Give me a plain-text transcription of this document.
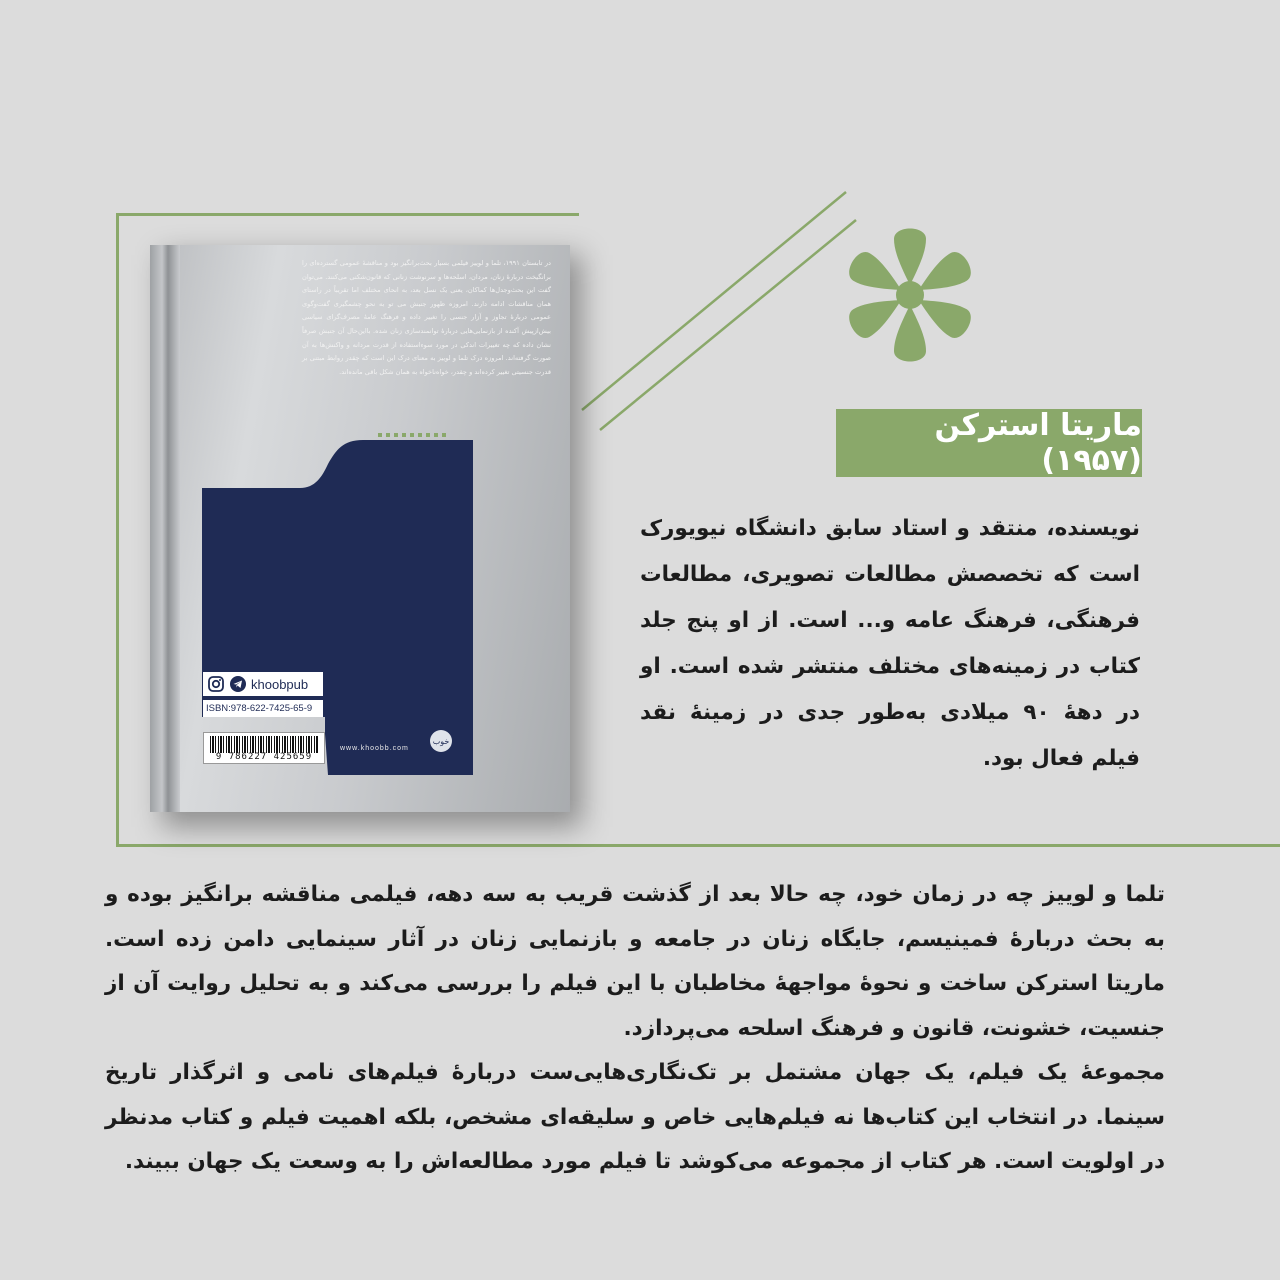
در تابستان ۱۹۹۱، تلما و لوییز فیلمی بسیار بحث‌برانگیز بود و مناقشهٔ عمومی گسترده‌ای را برانگیخت دربارهٔ زنان، مردان، اسلحه‌ها و سرنوشت زنانی که قانون‌شکنی می‌کنند. می‌توان گفت این بحث‌وجدل‌ها کماکان، یعنی یک نسل بعد، به انحای مختلف اما تقریباً در راستای همان مناقشات ادامه دارند. امروزه ظهور جنبش می تو به نحو چشمگیری گفت‌وگوی عمومی دربارهٔ تجاوز و آزار جنسی را تغییر داده و فرهنگ عامهٔ مصرف‌گرای سیاسی بیش‌ازپیش آکنده از بازنمایی‌هایی دربارهٔ توانمندسازی زنان شده. بااین‌حال آن جنبش صرفاً نشان داده که چه تغییرات اندکی در مورد سوءاستفاده از قدرت مردانه و واکنش‌ها به آن صورت گرفته‌اند. امروزه درک تلما و لوییز به معنای درک این است که چقدر روابط مبتنی بر قدرت جنسیتی تغییر کرده‌اند و چقدر، خواه‌ناخواه به همان شکل باقی مانده‌اند.

khoobpub
ISBN:978-622-7425-65-9
9 786227 425659
خوب
www.khoobb.com
ماریتا استرکن (۱۹۵۷)

نویسنده، منتقد و استاد سابق دانشگاه نیویورک است که تخصصش مطالعات تصویری، مطالعات فرهنگی، فرهنگ عامه و... است. از او پنج جلد کتاب در زمینه‌های مختلف منتشر شده است. او در دههٔ ۹۰ میلادی به‌طور جدی در زمینهٔ نقد فیلم فعال بود.

تلما و لوییز چه در زمان خود، چه حالا بعد از گذشت قریب به سه دهه، فیلمی مناقشه برانگیز بوده و به بحث دربارهٔ فمینیسم، جایگاه زنان در جامعه و بازنمایی زنان در آثار سینمایی دامن زده است. ماریتا استرکن ساخت و نحوهٔ مواجههٔ مخاطبان با این فیلم را بررسی می‌کند و به تحلیل روایت آن از جنسیت، خشونت، قانون و فرهنگ اسلحه می‌پردازد.

مجموعهٔ یک فیلم، یک جهان مشتمل بر تک‌نگاری‌هایی‌ست دربارهٔ فیلم‌های نامی و اثرگذار تاریخ سینما. در انتخاب این کتاب‌ها نه فیلم‌هایی خاص و سلیقه‌ای مشخص، بلکه اهمیت فیلم و کتاب مدنظر در اولویت است. هر کتاب از مجموعه می‌کوشد تا فیلم مورد مطالعه‌اش را به وسعت یک جهان ببیند.
